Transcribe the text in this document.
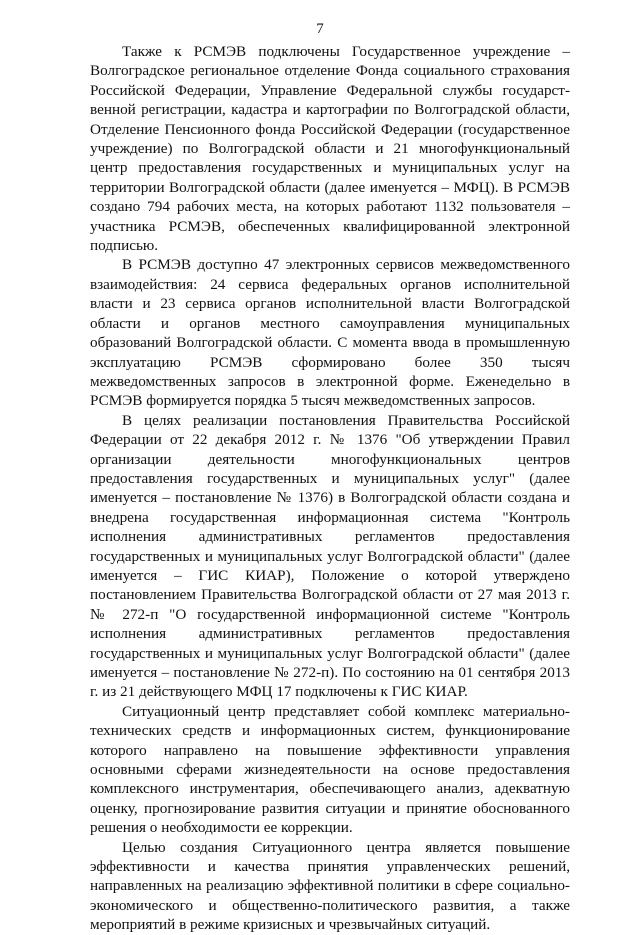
7

Также к РСМЭВ подключены Государственное учреждение – Волгоградское региональное отделение Фонда социального страхования Российской Федерации, Управление Федеральной службы государственной регистрации, кадастра и картографии по Волгоградской области, Отделение Пенсионного фонда Российской Федерации (государственное учреждение) по Волгоградской области и 21 многофункциональный центр предоставления государственных и муниципальных услуг на территории Волгоградской области (далее именуется – МФЦ). В РСМЭВ создано 794 рабочих места, на которых работают 1132 пользователя – участника РСМЭВ, обеспеченных квалифицированной электронной подписью.

В РСМЭВ доступно 47 электронных сервисов межведомственного взаимодействия: 24 сервиса федеральных органов исполнительной власти и 23 сервиса органов исполнительной власти Волгоградской области и органов местного самоуправления муниципальных образований Волгоградской области. С момента ввода в промышленную эксплуатацию РСМЭВ сформировано более 350 тысяч межведомственных запросов в электронной форме. Еженедельно в РСМЭВ формируется порядка 5 тысяч межведомственных запросов.

В целях реализации постановления Правительства Российской Федерации от 22 декабря 2012 г. № 1376 "Об утверждении Правил организации деятельности многофункциональных центров предоставления государственных и муниципальных услуг" (далее именуется – постановление № 1376) в Волгоградской области создана и внедрена государственная информационная система "Контроль исполнения административных регламентов предоставления государственных и муниципальных услуг Волгоградской области" (далее именуется – ГИС КИАР), Положение о которой утверждено постановлением Правительства Волгоградской области от 27 мая 2013 г. № 272-п "О государственной информационной системе "Контроль исполнения административных регламентов предоставления государственных и муниципальных услуг Волгоградской области" (далее именуется – постановление № 272-п). По состоянию на 01 сентября 2013 г. из 21 действующего МФЦ 17 подключены к ГИС КИАР.

Ситуационный центр представляет собой комплекс материально-технических средств и информационных систем, функционирование которого направлено на повышение эффективности управления основными сферами жизнедеятельности на основе предоставления комплексного инструментария, обеспечивающего анализ, адекватную оценку, прогнозирование развития ситуации и принятие обоснованного решения о необходимости ее коррекции.

Целью создания Ситуационного центра является повышение эффективности и качества принятия управленческих решений, направленных на реализацию эффективной политики в сфере социально-экономического и общественно-политического развития, а также мероприятий в режиме кризисных и чрезвычайных ситуаций.
